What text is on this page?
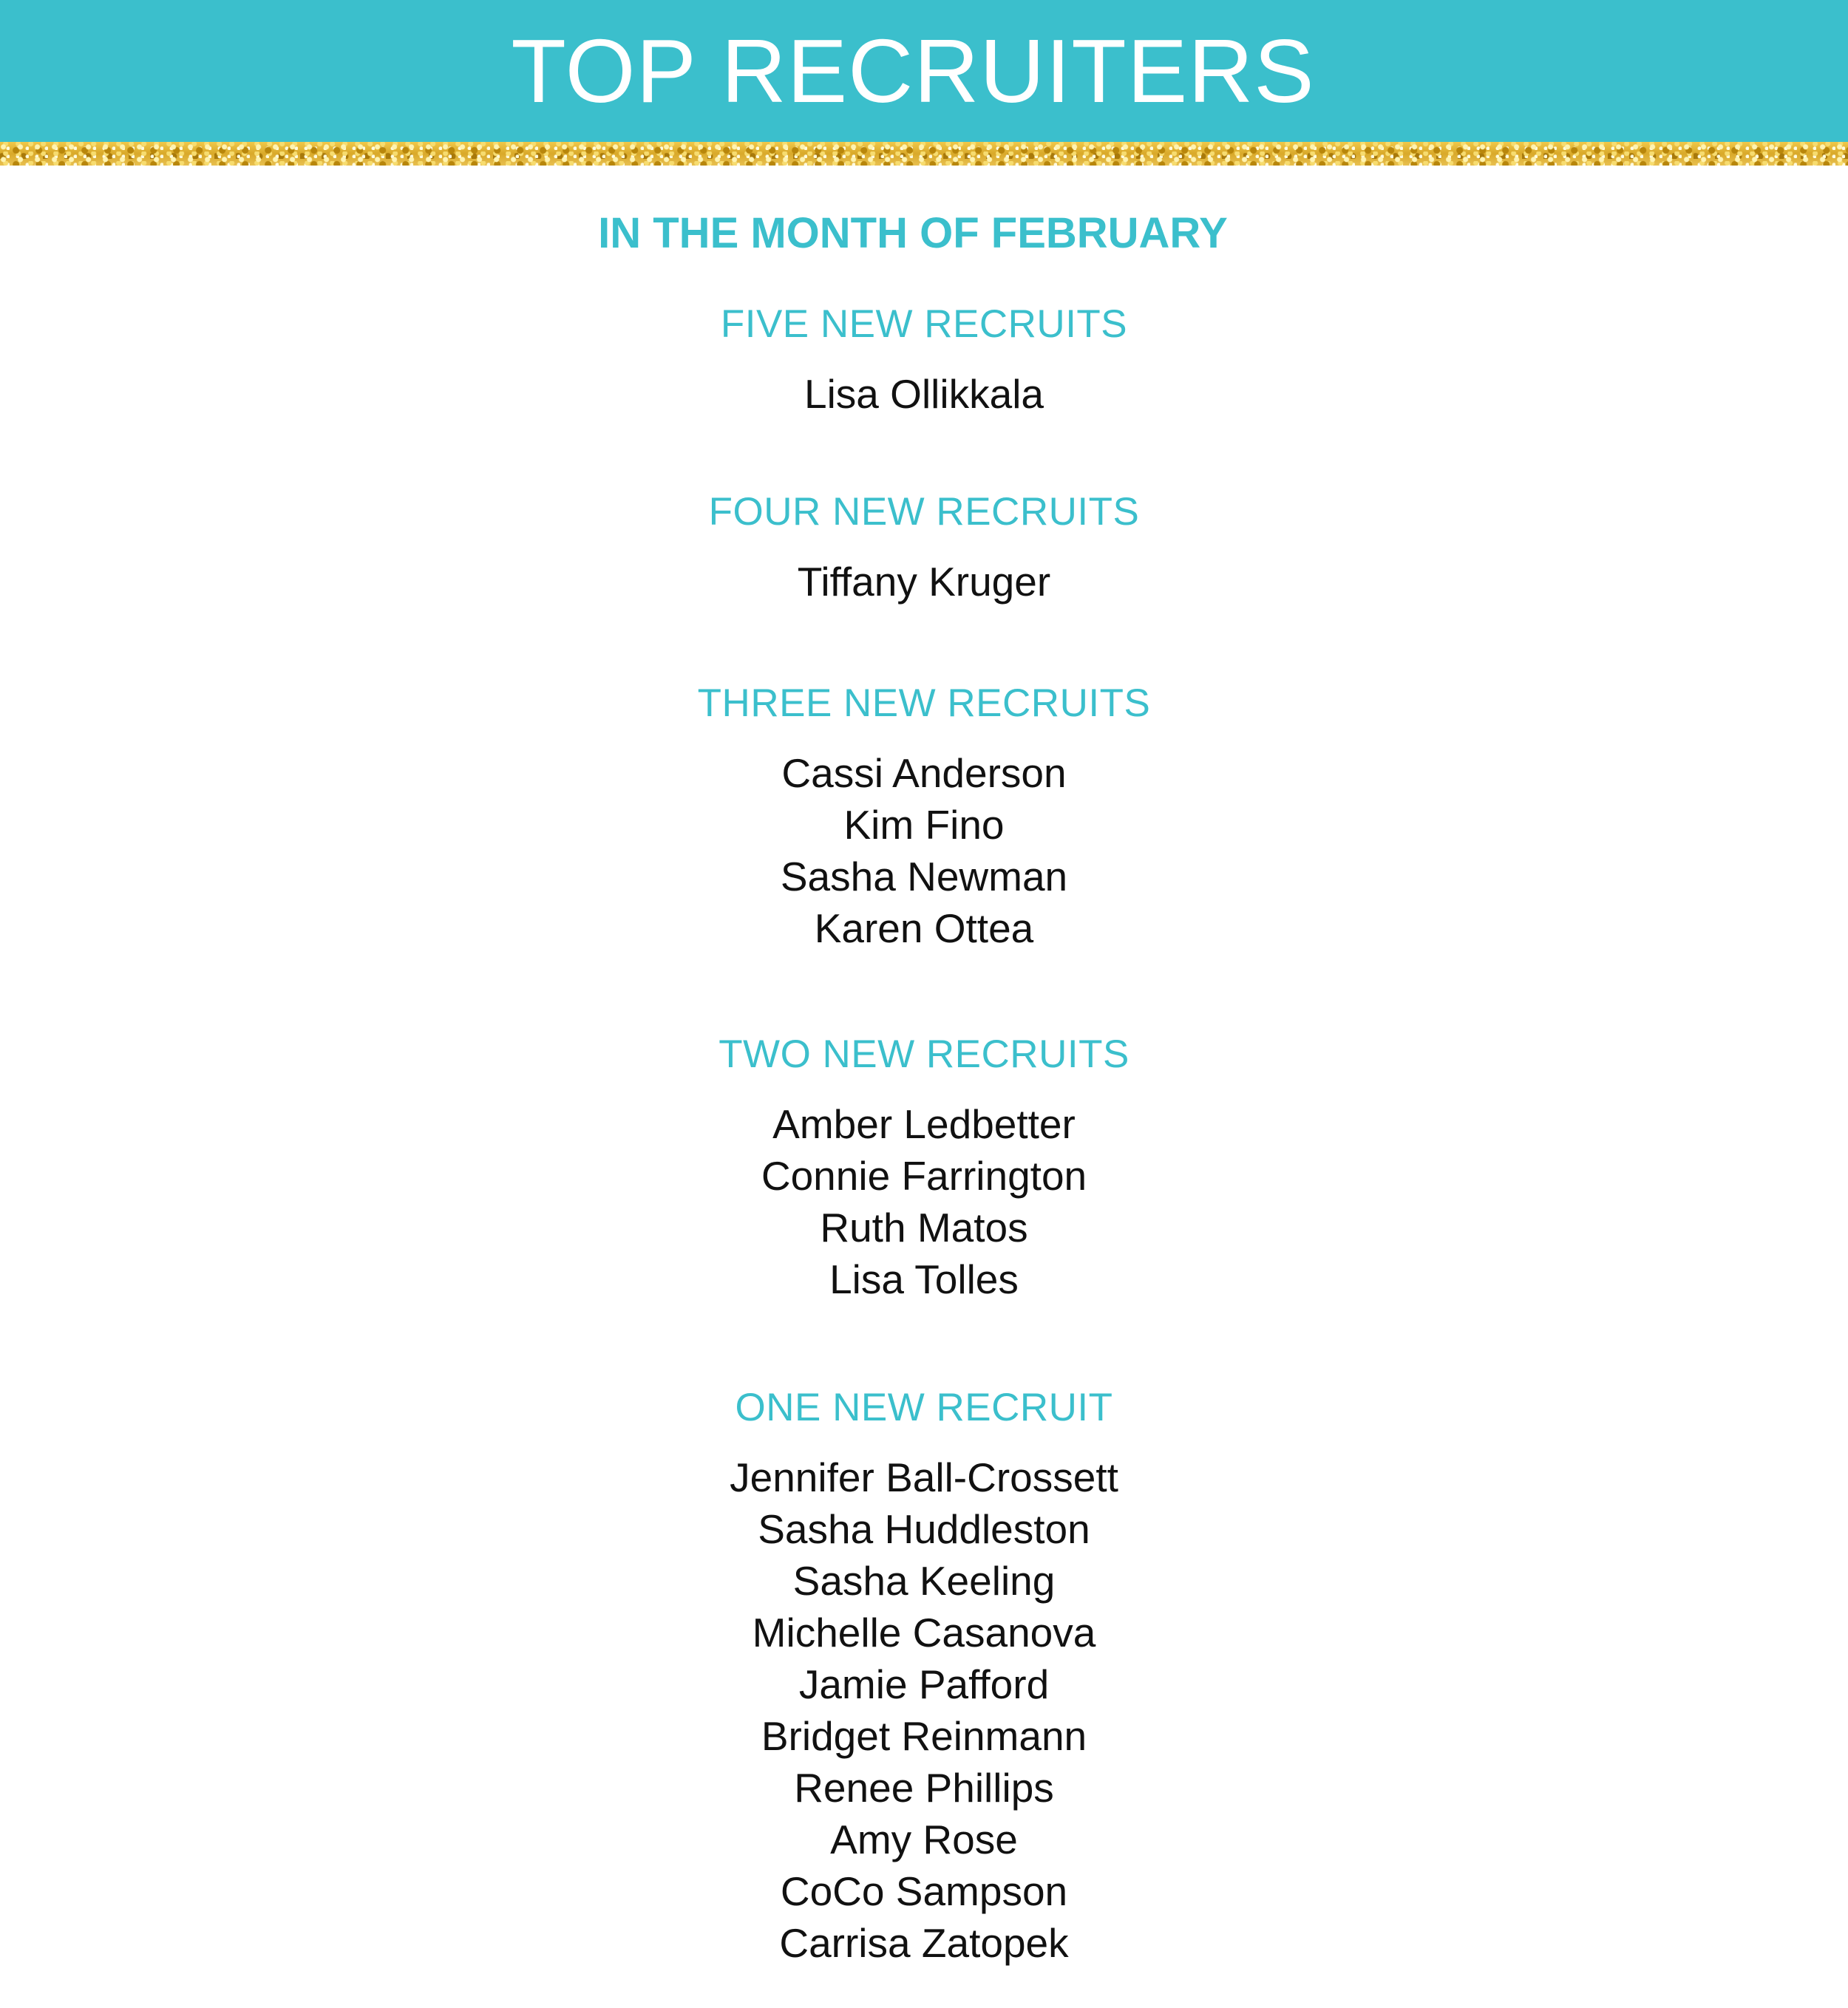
TOP RECRUITERS
IN THE MONTH OF FEBRUARY
FIVE NEW RECRUITS
Lisa Ollikkala
FOUR NEW RECRUITS
Tiffany Kruger
THREE NEW RECRUITS
Cassi Anderson
Kim Fino
Sasha Newman
Karen Ottea
TWO NEW RECRUITS
Amber Ledbetter
Connie Farrington
Ruth Matos
Lisa Tolles
ONE NEW RECRUIT
Jennifer Ball-Crossett
Sasha Huddleston
Sasha Keeling
Michelle Casanova
Jamie Pafford
Bridget Reinmann
Renee Phillips
Amy Rose
CoCo Sampson
Carrisa Zatopek
